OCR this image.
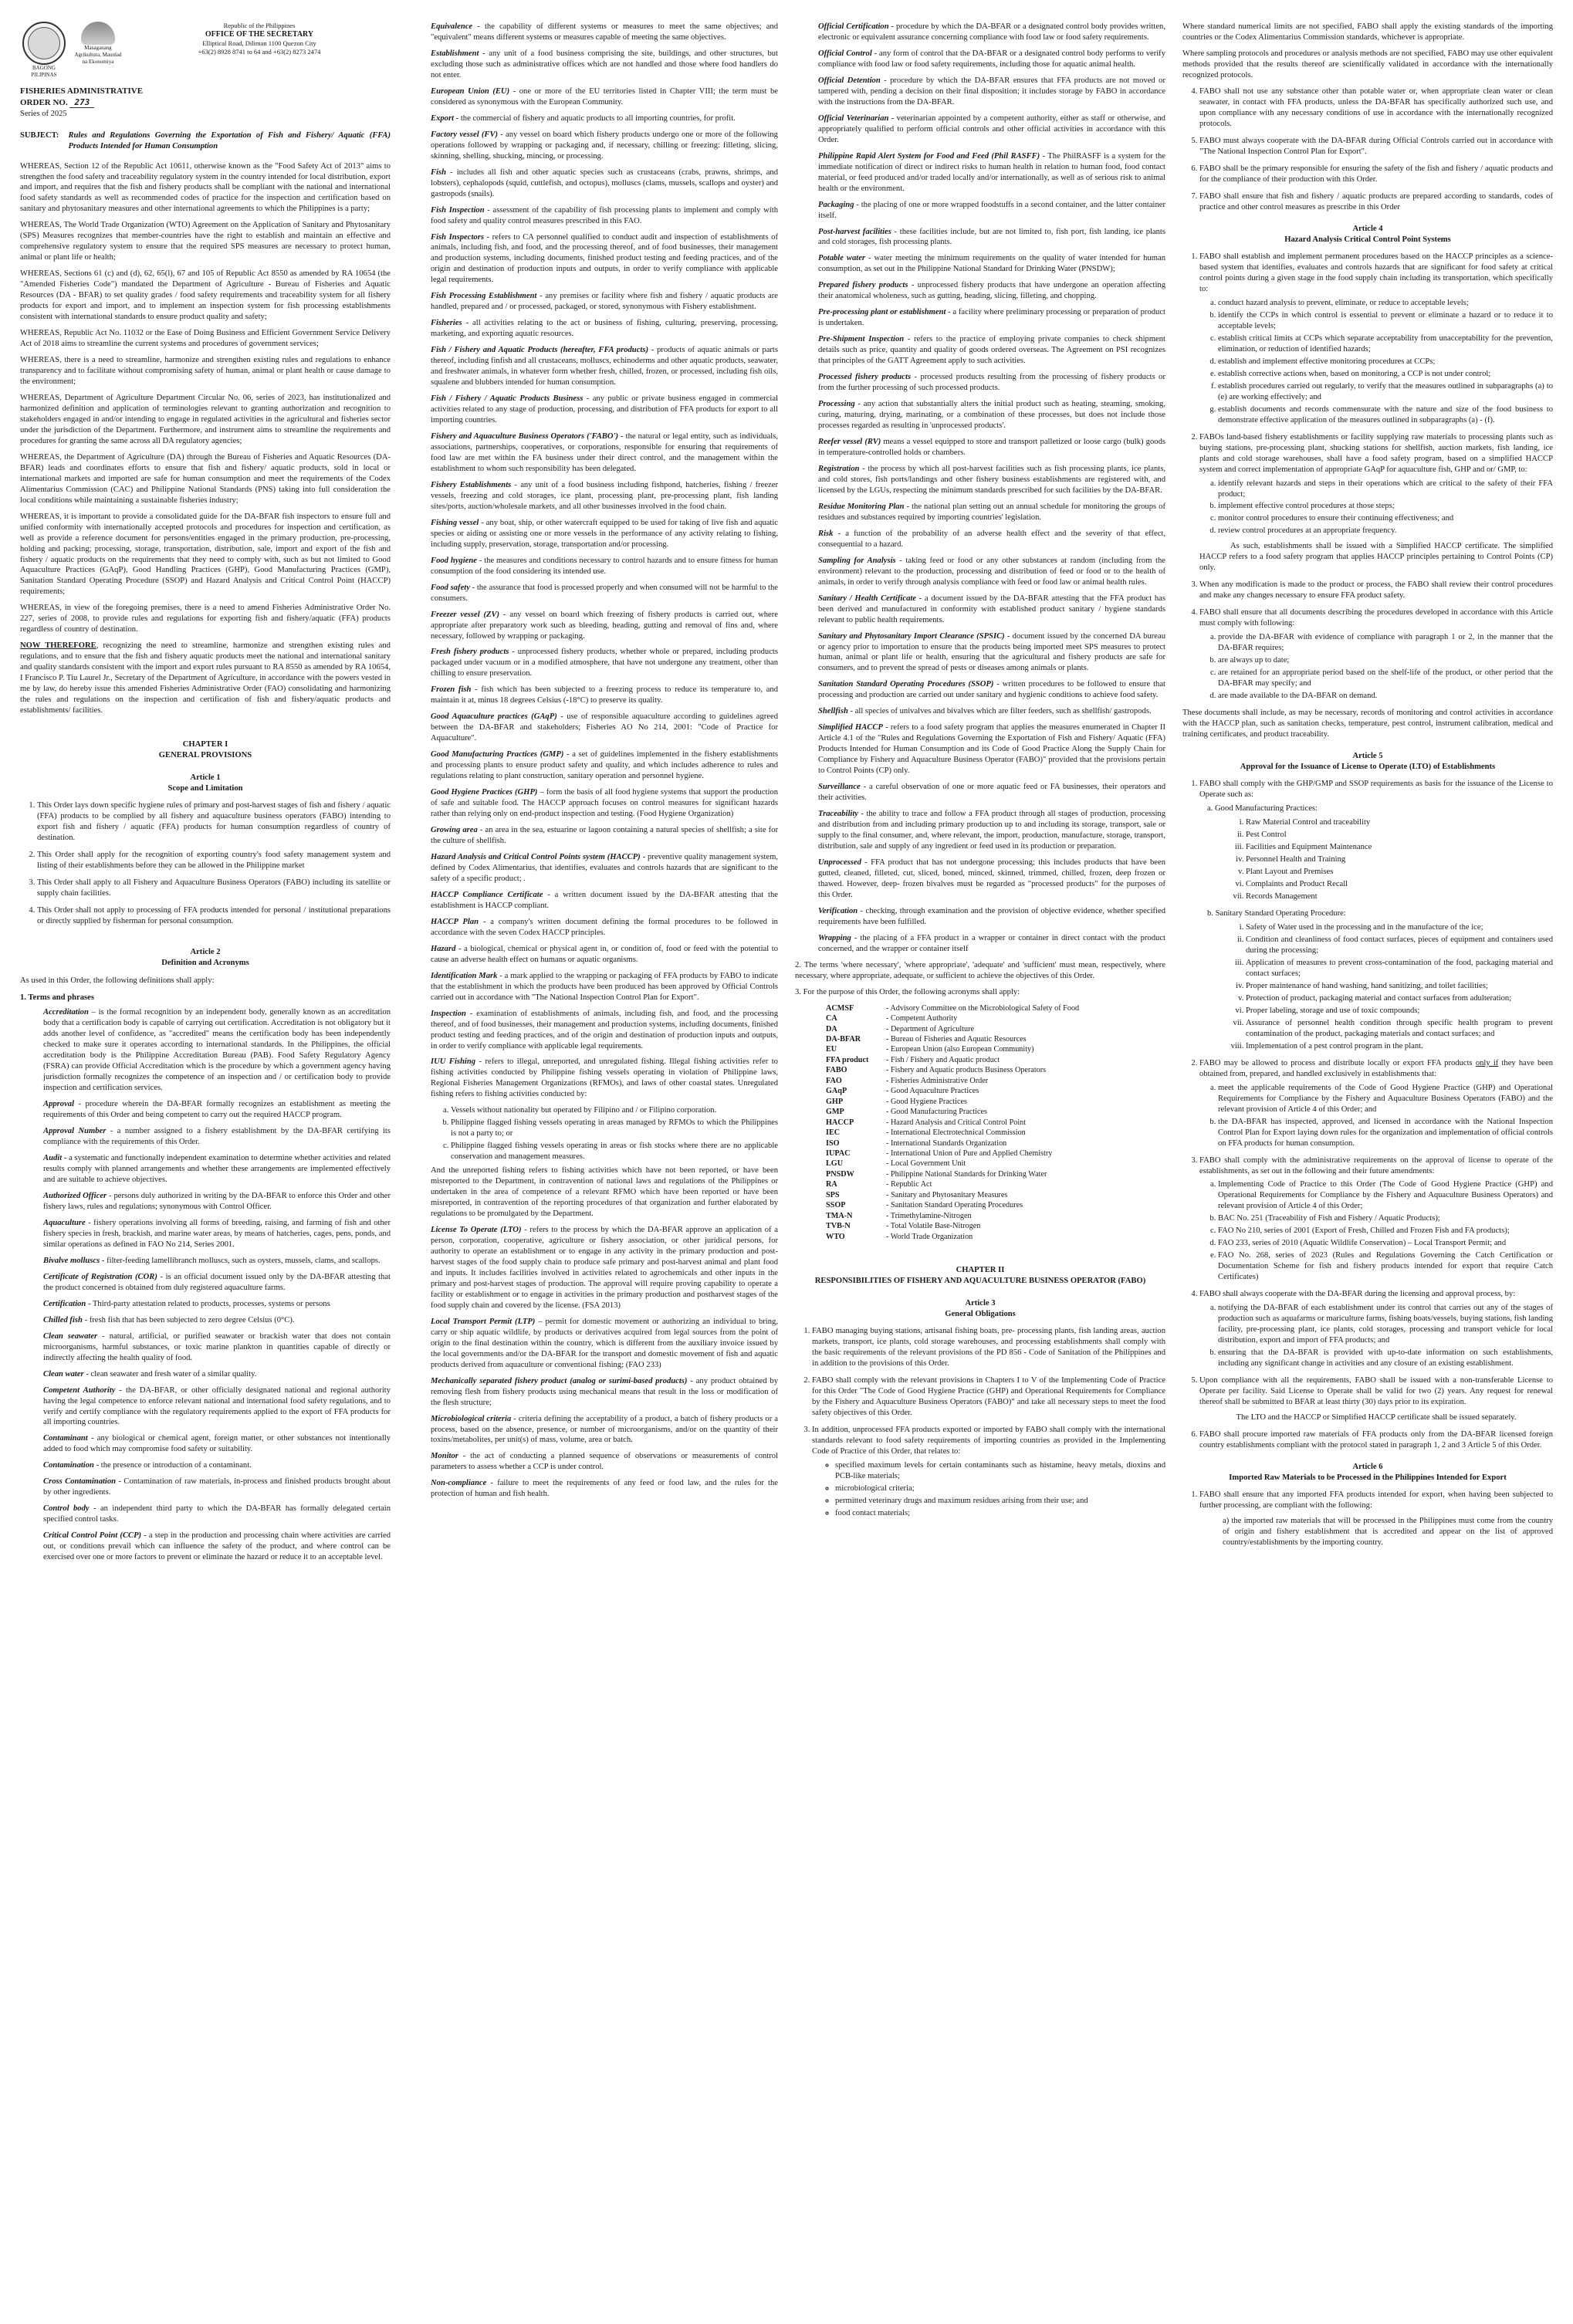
BAGONG PILIPINAS
Masaganang Agrikultura, Maunlad na Ekonomiya
Republic of the Philippines
OFFICE OF THE SECRETARY
Elliptical Road, Diliman 1100 Quezon City
+63(2) 8928 8741 to 64 and +63(2) 8273 2474
FISHERIES ADMINISTRATIVE
ORDER NO. 273
Series of 2025
SUBJECT: Rules and Regulations Governing the Exportation of Fish and Fishery/ Aquatic (FFA) Products Intended for Human Consumption

WHEREAS, Section 12 of the Republic Act 10611, otherwise known as the "Food Safety Act of 2013" aims to strengthen the food safety and traceability regulatory system in the country intended for local distribution, export and import, and requires that the fish and fishery products shall be compliant with the national and international food safety standards as well as recommended codes of practice for the inspection and certification based on sanitary and phytosanitary measures and other international agreements to which the Philippines is a party;

WHEREAS, The World Trade Organization (WTO) Agreement on the Application of Sanitary and Phytosanitary (SPS) Measures recognizes that member-countries have the right to establish and maintain an effective and comprehensive regulatory system to ensure that the required SPS measures are necessary to protect human, animal or plant life or health;

WHEREAS, Sections 61 (c) and (d), 62, 65(l), 67 and 105 of Republic Act 8550 as amended by RA 10654 (the "Amended Fisheries Code") mandated the Department of Agriculture - Bureau of Fisheries and Aquatic Resources (DA - BFAR) to set quality grades / food safety requirements and traceability system for all fishery products for export and import, and to implement an inspection system for fish processing establishments consistent with international standards to ensure product quality and safety;

WHEREAS, Republic Act No. 11032 or the Ease of Doing Business and Efficient Government Service Delivery Act of 2018 aims to streamline the current systems and procedures of government services;

WHEREAS, there is a need to streamline, harmonize and strengthen existing rules and regulations to enhance transparency and to facilitate without compromising safety of human, animal or plant health or cause damage to the environment;

WHEREAS, Department of Agriculture Department Circular No. 06, series of 2023, has institutionalized and harmonized definition and application of terminologies relevant to granting authorization and recognition to stakeholders engaged in and/or intending to engage in regulated activities in the agricultural and fisheries sector under the jurisdiction of the Department. Furthermore, and instrument aims to streamline the requirements and procedures for granting the same across all DA regulatory agencies;

WHEREAS, the Department of Agriculture (DA) through the Bureau of Fisheries and Aquatic Resources (DA-BFAR) leads and coordinates efforts to ensure that fish and fishery/ aquatic products, sold in local or international markets and imported are safe for human consumption and meet the requirements of the Codex Alimentarius Commission (CAC) and Philippine National Standards (PNS) taking into full consideration the local conditions while maintaining a sustainable fisheries industry;

WHEREAS, it is important to provide a consolidated guide for the DA-BFAR fish inspectors to ensure full and unified conformity with internationally accepted protocols and procedures for inspection and certification, as well as provide a reference document for persons/entities engaged in the primary production, pre-processing, holding and packing; processing, storage, transportation, distribution, sale, import and export of the fish and fishery / aquatic products on the requirements that they need to comply with, such as but not limited to Good Aquaculture Practices (GAqP), Good Handling Practices (GHP), Good Manufacturing Practices (GMP), Sanitation Standard Operating Procedure (SSOP) and Hazard Analysis and Critical Control Point (HACCP) requirements;

WHEREAS, in view of the foregoing premises, there is a need to amend Fisheries Administrative Order No. 227, series of 2008, to provide rules and regulations for exporting fish and fishery/aquatic (FFA) products regardless of country of destination.

NOW THEREFORE, recognizing the need to streamline, harmonize and strengthen existing rules and regulations, and to ensure that the fish and fishery aquatic products meet the national and international sanitary and quality standards consistent with the import and export rules pursuant to RA 8550 as amended by RA 10654, I Francisco P. Tiu Laurel Jr., Secretary of the Department of Agriculture, in accordance with the powers vested in me by law, do hereby issue this amended Fisheries Administrative Order (FAO) consolidating and harmonizing the rules and regulations on the inspection and certification of fish and fishery/aquatic products and establishments/ facilities.

CHAPTER I
GENERAL PROVISIONS
Article 1
Scope and Limitation
1. This Order lays down specific hygiene rules of primary and post-harvest stages of fish and fishery / aquatic (FFA) products to be complied by all fishery and aquaculture business operators (FABO) intending to export fish and fishery / aquatic (FFA) products for human consumption regardless of country of destination.
2. This Order shall apply for the recognition of exporting country's food safety management system and listing of their establishments before they can be allowed in the Philippine market
3. This Order shall apply to all Fishery and Aquaculture Business Operators (FABO) including its satellite or supply chain facilities.
4. This Order shall not apply to processing of FFA products intended for personal / institutional preparations or directly supplied by fisherman for personal consumption.
Article 2
Definition and Acronyms

As used in this Order, the following definitions shall apply:

1. Terms and phrases

Accreditation – is the formal recognition by an independent body, generally known as an accreditation body that a certification body is capable of carrying out certification. Accreditation is not obligatory but it adds another level of confidence, as "accredited" means the certification body has been independently checked to make sure it operates according to international standards. In the Philippines, the official accreditation body is the Philippine Accreditation Bureau (PAB). Food Safety Regulatory Agency (FSRA) can provide Official Accreditation which is the procedure by which a government agency having jurisdiction formally recognizes the competence of an inspection and / or certification body to provide inspection and certification services.

Approval - procedure wherein the DA-BFAR formally recognizes an establishment as meeting the requirements of this Order and being competent to carry out the required HACCP program.

Approval Number - a number assigned to a fishery establishment by the DA-BFAR certifying its compliance with the requirements of this Order.

Audit - a systematic and functionally independent examination to determine whether activities and related results comply with planned arrangements and whether these arrangements are implemented effectively and are suitable to achieve objectives.

Authorized Officer - persons duly authorized in writing by the DA-BFAR to enforce this Order and other fishery laws, rules and regulations; synonymous with Control Officer.

Aquaculture - fishery operations involving all forms of breeding, raising, and farming of fish and other fishery species in fresh, brackish, and marine water areas, by means of hatcheries, cages, pens, ponds, and similar operations as defined in FAO No 214, Series 2001.

Bivalve molluscs - filter-feeding lamellibranch molluscs, such as oysters, mussels, clams, and scallops.

Certificate of Registration (COR) - is an official document issued only by the DA-BFAR attesting that the product concerned is obtained from duly registered aquaculture farms.

Certification - Third-party attestation related to products, processes, systems or persons

Chilled fish - fresh fish that has been subjected to zero degree Celsius (0°C).

Clean seawater - natural, artificial, or purified seawater or brackish water that does not contain microorganisms, harmful substances, or toxic marine plankton in quantities capable of directly or indirectly affecting the health quality of food.

Clean water - clean seawater and fresh water of a similar quality.

Competent Authority - the DA-BFAR, or other officially designated national and regional authority having the legal competence to enforce relevant national and international food safety regulations, and to verify and certify compliance with the regulatory requirements applied to the export of FFA products for all importing countries.

Contaminant - any biological or chemical agent, foreign matter, or other substances not intentionally added to food which may compromise food safety or suitability.

Contamination - the presence or introduction of a contaminant.

Cross Contamination - Contamination of raw materials, in-process and finished products brought about by other ingredients.

Control body - an independent third party to which the DA-BFAR has formally delegated certain specified control tasks.

Critical Control Point (CCP) - a step in the production and processing chain where activities are carried out, or conditions prevail which can influence the safety of the product, and where control can be exercised over one or more factors to prevent or eliminate the hazard or reduce it to an acceptable level.

Equivalence - the capability of different systems or measures to meet the same objectives; and "equivalent" means different systems or measures capable of meeting the same objectives.

Establishment - any unit of a food business comprising the site, buildings, and other structures, but excluding those such as administrative offices which are not handled and those where food handlers do not enter.

European Union (EU) - one or more of the EU territories listed in Chapter VIII; the term must be considered as synonymous with the European Community.

Export - the commercial of fishery and aquatic products to all importing countries, for profit.

Factory vessel (FV) - any vessel on board which fishery products undergo one or more of the following operations followed by wrapping or packaging and, if necessary, chilling or freezing: filleting, slicing, skinning, shelling, shucking, mincing, or processing.

Fish - includes all fish and other aquatic species such as crustaceans (crabs, prawns, shrimps, and lobsters), cephalopods (squid, cuttlefish, and octopus), molluscs (clams, mussels, scallops and oyster) and gastropods (snails).

Fish Inspection - assessment of the capability of fish processing plants to implement and comply with food safety and quality control measures prescribed in this FAO.

Fish Inspectors - refers to CA personnel qualified to conduct audit and inspection of establishments of animals, including fish, and food, and the processing thereof, and of food businesses, their management and production systems, including documents, finished product testing and feeding practices, and of the origin and destination of production inputs and outputs, in order to verify compliance with applicable legal requirements.

Fish Processing Establishment - any premises or facility where fish and fishery / aquatic products are handled, prepared and / or processed, packaged, or stored, synonymous with Fishery establishment.

Fisheries - all activities relating to the act or business of fishing, culturing, preserving, processing, marketing, and exporting aquatic resources.

Fish / Fishery and Aquatic Products (hereafter, FFA products) - products of aquatic animals or parts thereof, including finfish and all crustaceans, molluscs, echinoderms and other aquatic products, seawater, and freshwater animals, in whatever form whether fresh, chilled, frozen, or processed, including fish oils, squalene and blubbers intended for human consumption.

Fish / Fishery / Aquatic Products Business - any public or private business engaged in commercial activities related to any stage of production, processing, and distribution of FFA products for export to all importing countries.

Fishery and Aquaculture Business Operators ('FABO') - the natural or legal entity, such as individuals, associations, partnerships, cooperatives, or corporations, responsible for ensuring that requirements of food law are met within the FA business under their direct control, and the management within the establishment to whom such responsibility has been delegated.

Fishery Establishments - any unit of a food business including fishpond, hatcheries, fishing / freezer vessels, freezing and cold storages, ice plant, processing plant, pre-processing plant, fish landing sites/ports, auction/wholesale markets, and all other businesses involved in the food chain.

Fishing vessel - any boat, ship, or other watercraft equipped to be used for taking of live fish and aquatic species or aiding or assisting one or more vessels in the performance of any activity relating to fishing, including supply, preservation, storage, transportation and/or processing.

Food hygiene - the measures and conditions necessary to control hazards and to ensure fitness for human consumption of the food considering its intended use.

Food safety - the assurance that food is processed properly and when consumed will not be harmful to the consumers.

Freezer vessel (ZV) - any vessel on board which freezing of fishery products is carried out, where appropriate after preparatory work such as bleeding, heading, gutting and removal of fins and, where necessary, followed by wrapping or packaging.

Fresh fishery products - unprocessed fishery products, whether whole or prepared, including products packaged under vacuum or in a modified atmosphere, that have not undergone any treatment, other than chilling to ensure preservation.

Frozen fish - fish which has been subjected to a freezing process to reduce its temperature to, and maintain it at, minus 18 degrees Celsius (-18°C) to preserve its quality.

Good Aquaculture practices (GAqP) - use of responsible aquaculture according to guidelines agreed between the DA-BFAR and stakeholders; Fisheries AO No 214, 2001: "Code of Practice for Aquaculture".

Good Manufacturing Practices (GMP) - a set of guidelines implemented in the fishery establishments and processing plants to ensure product safety and quality, and which includes adherence to rules and regulations relating to plant construction, sanitary operation and personnel hygiene.

Good Hygiene Practices (GHP) – form the basis of all food hygiene systems that support the production of safe and suitable food. The HACCP approach focuses on control measures for significant hazards rather than relying only on end-product inspection and testing. (Food Hygiene Organization)

Growing area - an area in the sea, estuarine or lagoon containing a natural species of shellfish; a site for the culture of shellfish.

Hazard Analysis and Critical Control Points system (HACCP) - preventive quality management system, defined by Codex Alimentarius, that identifies, evaluates and controls hazards that are significant to the safety of a specific product; .

HACCP Compliance Certificate - a written document issued by the DA-BFAR attesting that the establishment is HACCP compliant.

HACCP Plan - a company's written document defining the formal procedures to be followed in accordance with the seven Codex HACCP principles.

Hazard - a biological, chemical or physical agent in, or condition of, food or feed with the potential to cause an adverse health effect on humans or aquatic organisms.

Identification Mark - a mark applied to the wrapping or packaging of FFA products by FABO to indicate that the establishment in which the products have been produced has been approved by Official Controls carried out in accordance with "The National Inspection Control Plan for Export".

Inspection - examination of establishments of animals, including fish, and food, and the processing thereof, and of food businesses, their management and production systems, including documents, finished product testing and feeding practices, and of the origin and destination of production inputs and outputs, in order to verify compliance with applicable legal requirements.

IUU Fishing - refers to illegal, unreported, and unregulated fishing. Illegal fishing activities refer to fishing activities conducted by Philippine fishing vessels operating in violation of Philippine laws, Regional Fisheries Management Organizations (RFMOs), and laws of other coastal states. Unregulated fishing refers to fishing activities conducted by:

a. Vessels without nationality but operated by Filipino and / or Filipino corporation.
b. Philippine flagged fishing vessels operating in areas managed by RFMOs to which the Philippines is not a party to; or
c. Philippine flagged fishing vessels operating in areas or fish stocks where there are no applicable conservation and management measures.

And the unreported fishing refers to fishing activities which have not been reported, or have been misreported to the Department, in contravention of national laws and regulations of the Philippines or undertaken in the area of competence of a relevant RFMO which have been reported or have been misreported, in contravention of the reporting procedures of that organization and further elaborated by regulations to be promulgated by the Department.

License To Operate (LTO) - refers to the process by which the DA-BFAR approve an application of a person, corporation, cooperative, agriculture or fishery association, or other juridical persons, for authority to operate an establishment or to engage in any activity in the primary production and post-harvest stages of the food supply chain to produce safe primary and post-harvest animal and plant food and inputs. It includes facilities involved in activities related to agrochemicals and other inputs in the primary and post-harvest stages of production. The approval will require proving capability to operate a facility or establishment or to engage in activities in the primary production and postharvest stages of the food supply chain and covered by the license. (FSA 2013)

Local Transport Permit (LTP) – permit for domestic movement or authorizing an individual to bring, carry or ship aquatic wildlife, by products or derivatives acquired from legal sources from the point of origin to the final destination within the country, which is different from the auxiliary invoice issued by the local governments and/or the DA-BFAR for the transport and domestic movement of fish and aquatic products derived from aquaculture or conventional fishing; (FAO 233)

Mechanically separated fishery product (analog or surimi-based products) - any product obtained by removing flesh from fishery products using mechanical means that result in the loss or modification of the flesh structure;

Microbiological criteria - criteria defining the acceptability of a product, a batch of fishery products or a process, based on the absence, presence, or number of microorganisms, and/or on the quantity of their toxins/metabolites, per unit(s) of mass, volume, area or batch.

Monitor - the act of conducting a planned sequence of observations or measurements of control parameters to assess whether a CCP is under control.

Non-compliance - failure to meet the requirements of any feed or food law, and the rules for the protection of human and fish health.

Official Certification - procedure by which the DA-BFAR or a designated control body provides written, electronic or equivalent assurance concerning compliance with food law or food safety requirements.

Official Control - any form of control that the DA-BFAR or a designated control body performs to verify compliance with food law or food safety requirements, including those for aquatic animal health.

Official Detention - procedure by which the DA-BFAR ensures that FFA products are not moved or tampered with, pending a decision on their final disposition; it includes storage by FABO in accordance with the instructions from the DA-BFAR.

Official Veterinarian - veterinarian appointed by a competent authority, either as staff or otherwise, and appropriately qualified to perform official controls and other official activities in accordance with this Order.

Philippine Rapid Alert System for Food and Feed (Phil RASFF) - The PhilRASFF is a system for the immediate notification of direct or indirect risks to human health in relation to human food, food contact material, or feed produced and/or traded locally and/or internationally, as well as of serious risk to animal health or the environment.

Packaging - the placing of one or more wrapped foodstuffs in a second container, and the latter container itself.

Post-harvest facilities - these facilities include, but are not limited to, fish port, fish landing, ice plants and cold storages, fish processing plants.

Potable water - water meeting the minimum requirements on the quality of water intended for human consumption, as set out in the Philippine National Standard for Drinking Water (PNSDW);

Prepared fishery products - unprocessed fishery products that have undergone an operation affecting their anatomical wholeness, such as gutting, heading, slicing, filleting, and chopping.

Pre-processing plant or establishment - a facility where preliminary processing or preparation of product is undertaken.

Pre-Shipment Inspection - refers to the practice of employing private companies to check shipment details such as price, quantity and quality of goods ordered overseas. The Agreement on PSI recognizes that principles of the GATT Agreement apply to such activities.

Processed fishery products - processed products resulting from the processing of fishery products or from the further processing of such processed products.

Processing - any action that substantially alters the initial product such as heating, steaming, smoking, curing, maturing, drying, marinating, or a combination of these processes, but does not include those processes regarded as resulting in 'unprocessed products'.

Reefer vessel (RV) means a vessel equipped to store and transport palletized or loose cargo (bulk) goods in temperature-controlled holds or chambers.

Registration - the process by which all post-harvest facilities such as fish processing plants, ice plants, and cold stores, fish ports/landings and other fishery business establishments are registered with, and licensed by the LGUs, respecting the minimum standards prescribed for such facilities by the DA-BFAR.

Residue Monitoring Plan - the national plan setting out an annual schedule for monitoring the groups of residues and substances required by importing countries' legislation.

Risk - a function of the probability of an adverse health effect and the severity of that effect, consequential to a hazard.

Sampling for Analysis - taking feed or food or any other substances at random (including from the environment) relevant to the production, processing and distribution of feed or food or to the health of animals, in order to verify through analysis compliance with feed or food law or animal health rules.

Sanitary / Health Certificate - a document issued by the DA-BFAR attesting that the FFA product has been derived and manufactured in conformity with established product sanitary / hygiene standards relevant to public health requirements.

Sanitary and Phytosanitary Import Clearance (SPSIC) - document issued by the concerned DA bureau or agency prior to importation to ensure that the products being imported meet SPS measures to protect human, animal or plant life or health, ensuring that the agricultural and fishery products are safe for consumers, and to prevent the spread of pests or diseases among animals or plants.

Sanitation Standard Operating Procedures (SSOP) - written procedures to be followed to ensure that processing and production are carried out under sanitary and hygienic conditions to achieve food safety.

Shellfish - all species of univalves and bivalves which are filter feeders, such as shellfish/ gastropods.

Simplified HACCP - refers to a food safety program that applies the measures enumerated in Chapter II Article 4.1 of the "Rules and Regulations Governing the Exportation of Fish and Fishery/ Aquatic (FFA) Products Intended for Human Consumption and its Code of Good Practice Along the Supply Chain for Compliance by Fishery and Aquaculture Business Operator (FABO)" provided that the provisions pertain to Control Points (CP) only.

Surveillance - a careful observation of one or more aquatic feed or FA businesses, their operators and their activities.

Traceability - the ability to trace and follow a FFA product through all stages of production, processing and distribution from and including primary production up to and including its storage, transport, sale or supply to the final consumer, and, where relevant, the import, production, manufacture, storage, transport, distribution, sale and supply of any ingredient or feed used in its production or preparation.

Unprocessed - FFA product that has not undergone processing; this includes products that have been gutted, cleaned, filleted, cut, sliced, boned, minced, skinned, trimmed, chilled, frozen, deep frozen or thawed. However, deep- frozen bivalves must be regarded as "processed products" for the purposes of this Order.

Verification - checking, through examination and the provision of objective evidence, whether specified requirements have been fulfilled.

Wrapping - the placing of a FFA product in a wrapper or container in direct contact with the product concerned, and the wrapper or container itself

2. The terms 'where necessary', 'where appropriate', 'adequate' and 'sufficient' must mean, respectively, where necessary, where appropriate, adequate, or sufficient to achieve the objectives of this Order.

3. For the purpose of this Order, the following acronyms shall apply:

ACMSF	- Advisory Committee on the Microbiological Safety of Food
CA	- Competent Authority
DA	- Department of Agriculture
DA-BFAR	- Bureau of Fisheries and Aquatic Resources
EU	- European Union (also European Community)
FFA product	- Fish / Fishery and Aquatic product
FABO	- Fishery and Aquatic products Business Operators
FAO	- Fisheries Administrative Order
GAqP	- Good Aquaculture Practices
GHP	- Good Hygiene Practices
GMP	- Good Manufacturing Practices
HACCP	- Hazard Analysis and Critical Control Point
IEC	- International Electrotechnical Commission
ISO	- International Standards Organization
IUPAC	- International Union of Pure and Applied Chemistry
LGU	- Local Government Unit
PNSDW	- Philippine National Standards for Drinking Water
RA	- Republic Act
SPS	- Sanitary and Phytosanitary Measures
SSOP	- Sanitation Standard Operating Procedures
TMA-N	- Trimethylamine-Nitrogen
TVB-N	- Total Volatile Base-Nitrogen
WTO	- World Trade Organization
CHAPTER II
RESPONSIBILITIES OF FISHERY AND AQUACULTURE BUSINESS OPERATOR (FABO)
Article 3
General Obligations
1. FABO managing buying stations, artisanal fishing boats, pre- processing plants, fish landing areas, auction markets, transport, ice plants, cold storage warehouses, and processing establishments shall comply with the basic requirements of the relevant provisions of the PD 856 - Code of Sanitation of the Philippines and in addition to the provisions of this Order.
2. FABO shall comply with the relevant provisions in Chapters I to V of the Implementing Code of Practice for this Order "The Code of Good Hygiene Practice (GHP) and Operational Requirements for Compliance by the Fishery and Aquaculture Business Operators (FABO)" and take all necessary steps to meet the food safety objectives of this Order.
3. In addition, unprocessed FFA products exported or imported by FABO shall comply with the international standards relevant to food safety requirements of importing countries as provided in the Implementing Code of Practice of this Order, that relates to:
◦ specified maximum levels for certain contaminants such as histamine, heavy metals, dioxins and PCB-like materials;
◦ microbiological criteria;
◦ permitted veterinary drugs and maximum residues arising from their use; and
◦ food contact materials;

Where standard numerical limits are not specified, FABO shall apply the existing standards of the importing countries or the Codex Alimentarius Commission standards, whichever is appropriate.

Where sampling protocols and procedures or analysis methods are not specified, FABO may use other equivalent methods provided that the results thereof are scientifically validated in accordance with the internationally recognized protocols.

4. FABO shall not use any substance other than potable water or, when appropriate clean water or clean seawater, in contact with FFA products, unless the DA-BFAR has specifically authorized such use, and upon compliance with any necessary conditions of use in accordance with the internationally recognized protocols.
5. FABO must always cooperate with the DA-BFAR during Official Controls carried out in accordance with "The National Inspection Control Plan for Export".
6. FABO shall be the primary responsible for ensuring the safety of the fish and fishery / aquatic products and for the compliance of their production with this Order.
7. FABO shall ensure that fish and fishery / aquatic products are prepared according to standards, codes of practice and other control measures as prescribe in this Order
Article 4
Hazard Analysis Critical Control Point Systems
1. FABO shall establish and implement permanent procedures based on the HACCP principles as a science-based system that identifies, evaluates and controls hazards that are significant for food safety at critical control points during a given stage in the food supply chain including its transportation, which specifically to:
a. conduct hazard analysis to prevent, eliminate, or reduce to acceptable levels;
b. identify the CCPs in which control is essential to prevent or eliminate a hazard or to reduce it to acceptable levels;
c. establish critical limits at CCPs which separate acceptability from unacceptability for the prevention, elimination, or reduction of identified hazards;
d. establish and implement effective monitoring procedures at CCPs;
e. establish corrective actions when, based on monitoring, a CCP is not under control;
f. establish procedures carried out regularly, to verify that the measures outlined in subparagraphs (a) to (e) are working effectively; and
g. establish documents and records commensurate with the nature and size of the food business to demonstrate effective application of the measures outlined in subparagraphs (a) - (f).
2. FABOs land-based fishery establishments or facility supplying raw materials to processing plants such as buying stations, pre-processing plant, shucking stations for shellfish, auction markets, fish landing, ice plants and cold storage warehouses, shall have a food safety program, based on a simplified HACCP system and correct implementation of appropriate GAqP for aquaculture fish, GHP and or/ GMP, to:
a. identify relevant hazards and steps in their operations which are critical to the safety of their FFA product;
b. implement effective control procedures at those steps;
c. monitor control procedures to ensure their continuing effectiveness; and
d. review control procedures at an appropriate frequency.

As such, establishments shall be issued with a Simplified HACCP certificate. The simplified HACCP refers to a food safety program that applies HACCP principles pertaining to Control Points (CP) only.

3. When any modification is made to the product or process, the FABO shall review their control procedures and make any changes necessary to ensure FFA product safety.
4. FABO shall ensure that all documents describing the procedures developed in accordance with this Article must comply with following:
a. provide the DA-BFAR with evidence of compliance with paragraph 1 or 2, in the manner that the DA-BFAR requires;
b. are always up to date;
c. are retained for an appropriate period based on the shelf-life of the product, or other period that the DA-BFAR may specify; and
d. are made available to the DA-BFAR on demand.

These documents shall include, as may be necessary, records of monitoring and control activities in accordance with the HACCP plan, such as sanitation checks, temperature, pest control, instrument calibration, medical and training certificates, and product traceability.

Article 5
Approval for the Issuance of License to Operate (LTO) of Establishments
1. FABO shall comply with the GHP/GMP and SSOP requirements as basis for the issuance of the License to Operate such as:
a. Good Manufacturing Practices:
i. Raw Material Control and traceability
ii. Pest Control
iii. Facilities and Equipment Maintenance
iv. Personnel Health and Training
v. Plant Layout and Premises
vi. Complaints and Product Recall
vii. Records Management
b. Sanitary Standard Operating Procedure:
i. Safety of Water used in the processing and in the manufacture of the ice;
ii. Condition and cleanliness of food contact surfaces, pieces of equipment and containers used during the processing;
iii. Application of measures to prevent cross-contamination of the food, packaging material and contact surfaces;
iv. Proper maintenance of hand washing, hand sanitizing, and toilet facilities;
v. Protection of product, packaging material and contact surfaces from adulteration;
vi. Proper labeling, storage and use of toxic compounds;
vii. Assurance of personnel health condition through specific health program to prevent contamination of the product, packaging materials and contact surfaces; and
viii. Implementation of a pest control program in the plant.
2. FABO may be allowed to process and distribute locally or export FFA products only if they have been obtained from, prepared, and handled exclusively in establishments that:
a. meet the applicable requirements of the Code of Good Hygiene Practice (GHP) and Operational Requirements for Compliance by the Fishery and Aquaculture Business Operators (FABO) and the relevant provision of Article 4 of this Order; and
b. the DA-BFAR has inspected, approved, and licensed in accordance with the National Inspection Control Plan for Export laying down rules for the organization and implementation of official controls on FFA products for human consumption.
3. FABO shall comply with the administrative requirements on the approval of license to operate of the establishments, as set out in the following and their future amendments:
a. Implementing Code of Practice to this Order (The Code of Good Hygiene Practice (GHP) and Operational Requirements for Compliance by the Fishery and Aquaculture Business Operators) and relevant provision of Article 4 of this Order;
b. BAC No. 251 (Traceability of Fish and Fishery / Aquatic Products);
c. FAO No 210, series of 2001 (Export of Fresh, Chilled and Frozen Fish and FA products);
d. FAO 233, series of 2010 (Aquatic Wildlife Conservation) – Local Transport Permit; and
e. FAO No. 268, series of 2023 (Rules and Regulations Governing the Catch Certification or Documentation Scheme for fish and fishery products intended for export that require Catch Certificates)
4. FABO shall always cooperate with the DA-BFAR during the licensing and approval process, by:
a. notifying the DA-BFAR of each establishment under its control that carries out any of the stages of production such as aquafarms or mariculture farms, fishing boats/vessels, buying stations, fish landing facility, pre-processing plant, ice plants, cold storages, processing and transport vehicle for local distribution, export and import of FFA products; and
b. ensuring that the DA-BFAR is provided with up-to-date information on such establishments, including any significant change in activities and any closure of an existing establishment.
5. Upon compliance with all the requirements, FABO shall be issued with a non-transferable License to Operate per facility. Said License to Operate shall be valid for two (2) years. Any request for renewal thereof shall be submitted to BFAR at least thirty (30) days prior to its expiration.

The LTO and the HACCP or Simplified HACCP certificate shall be issued separately.

6. FABO shall procure imported raw materials of FFA products only from the DA-BFAR licensed foreign country establishments compliant with the protocol stated in paragraph 1, 2 and 3 Article 5 of this Order.
Article 6
Imported Raw Materials to be Processed in the Philippines Intended for Export
1. FABO shall ensure that any imported FFA products intended for export, when having been subjected to further processing, are compliant with the following:

a) the imported raw materials that will be processed in the Philippines must come from the country of origin and fishery establishment that is accredited and appear on the list of approved country/establishments by the importing country.
